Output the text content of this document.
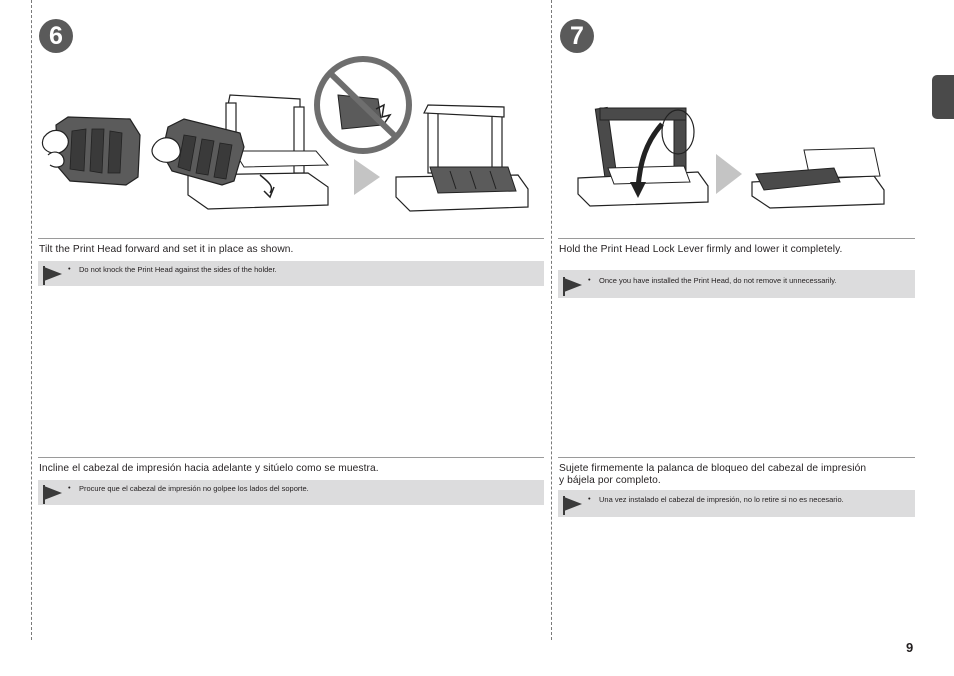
6
Tilt the Print Head forward and set it in place as shown.
• Do not knock the Print Head against the sides of the holder.
Incline el cabezal de impresión hacia adelante y sitúelo como se muestra.
• Procure que el cabezal de impresión no golpee los lados del soporte.
7
Hold the Print Head Lock Lever firmly and lower it completely.
• Once you have installed the Print Head, do not remove it unnecessarily.
Sujete firmemente la palanca de bloqueo del cabezal de impresión
y bájela por completo.
• Una vez instalado el cabezal de impresión, no lo retire si no es necesario.
9
